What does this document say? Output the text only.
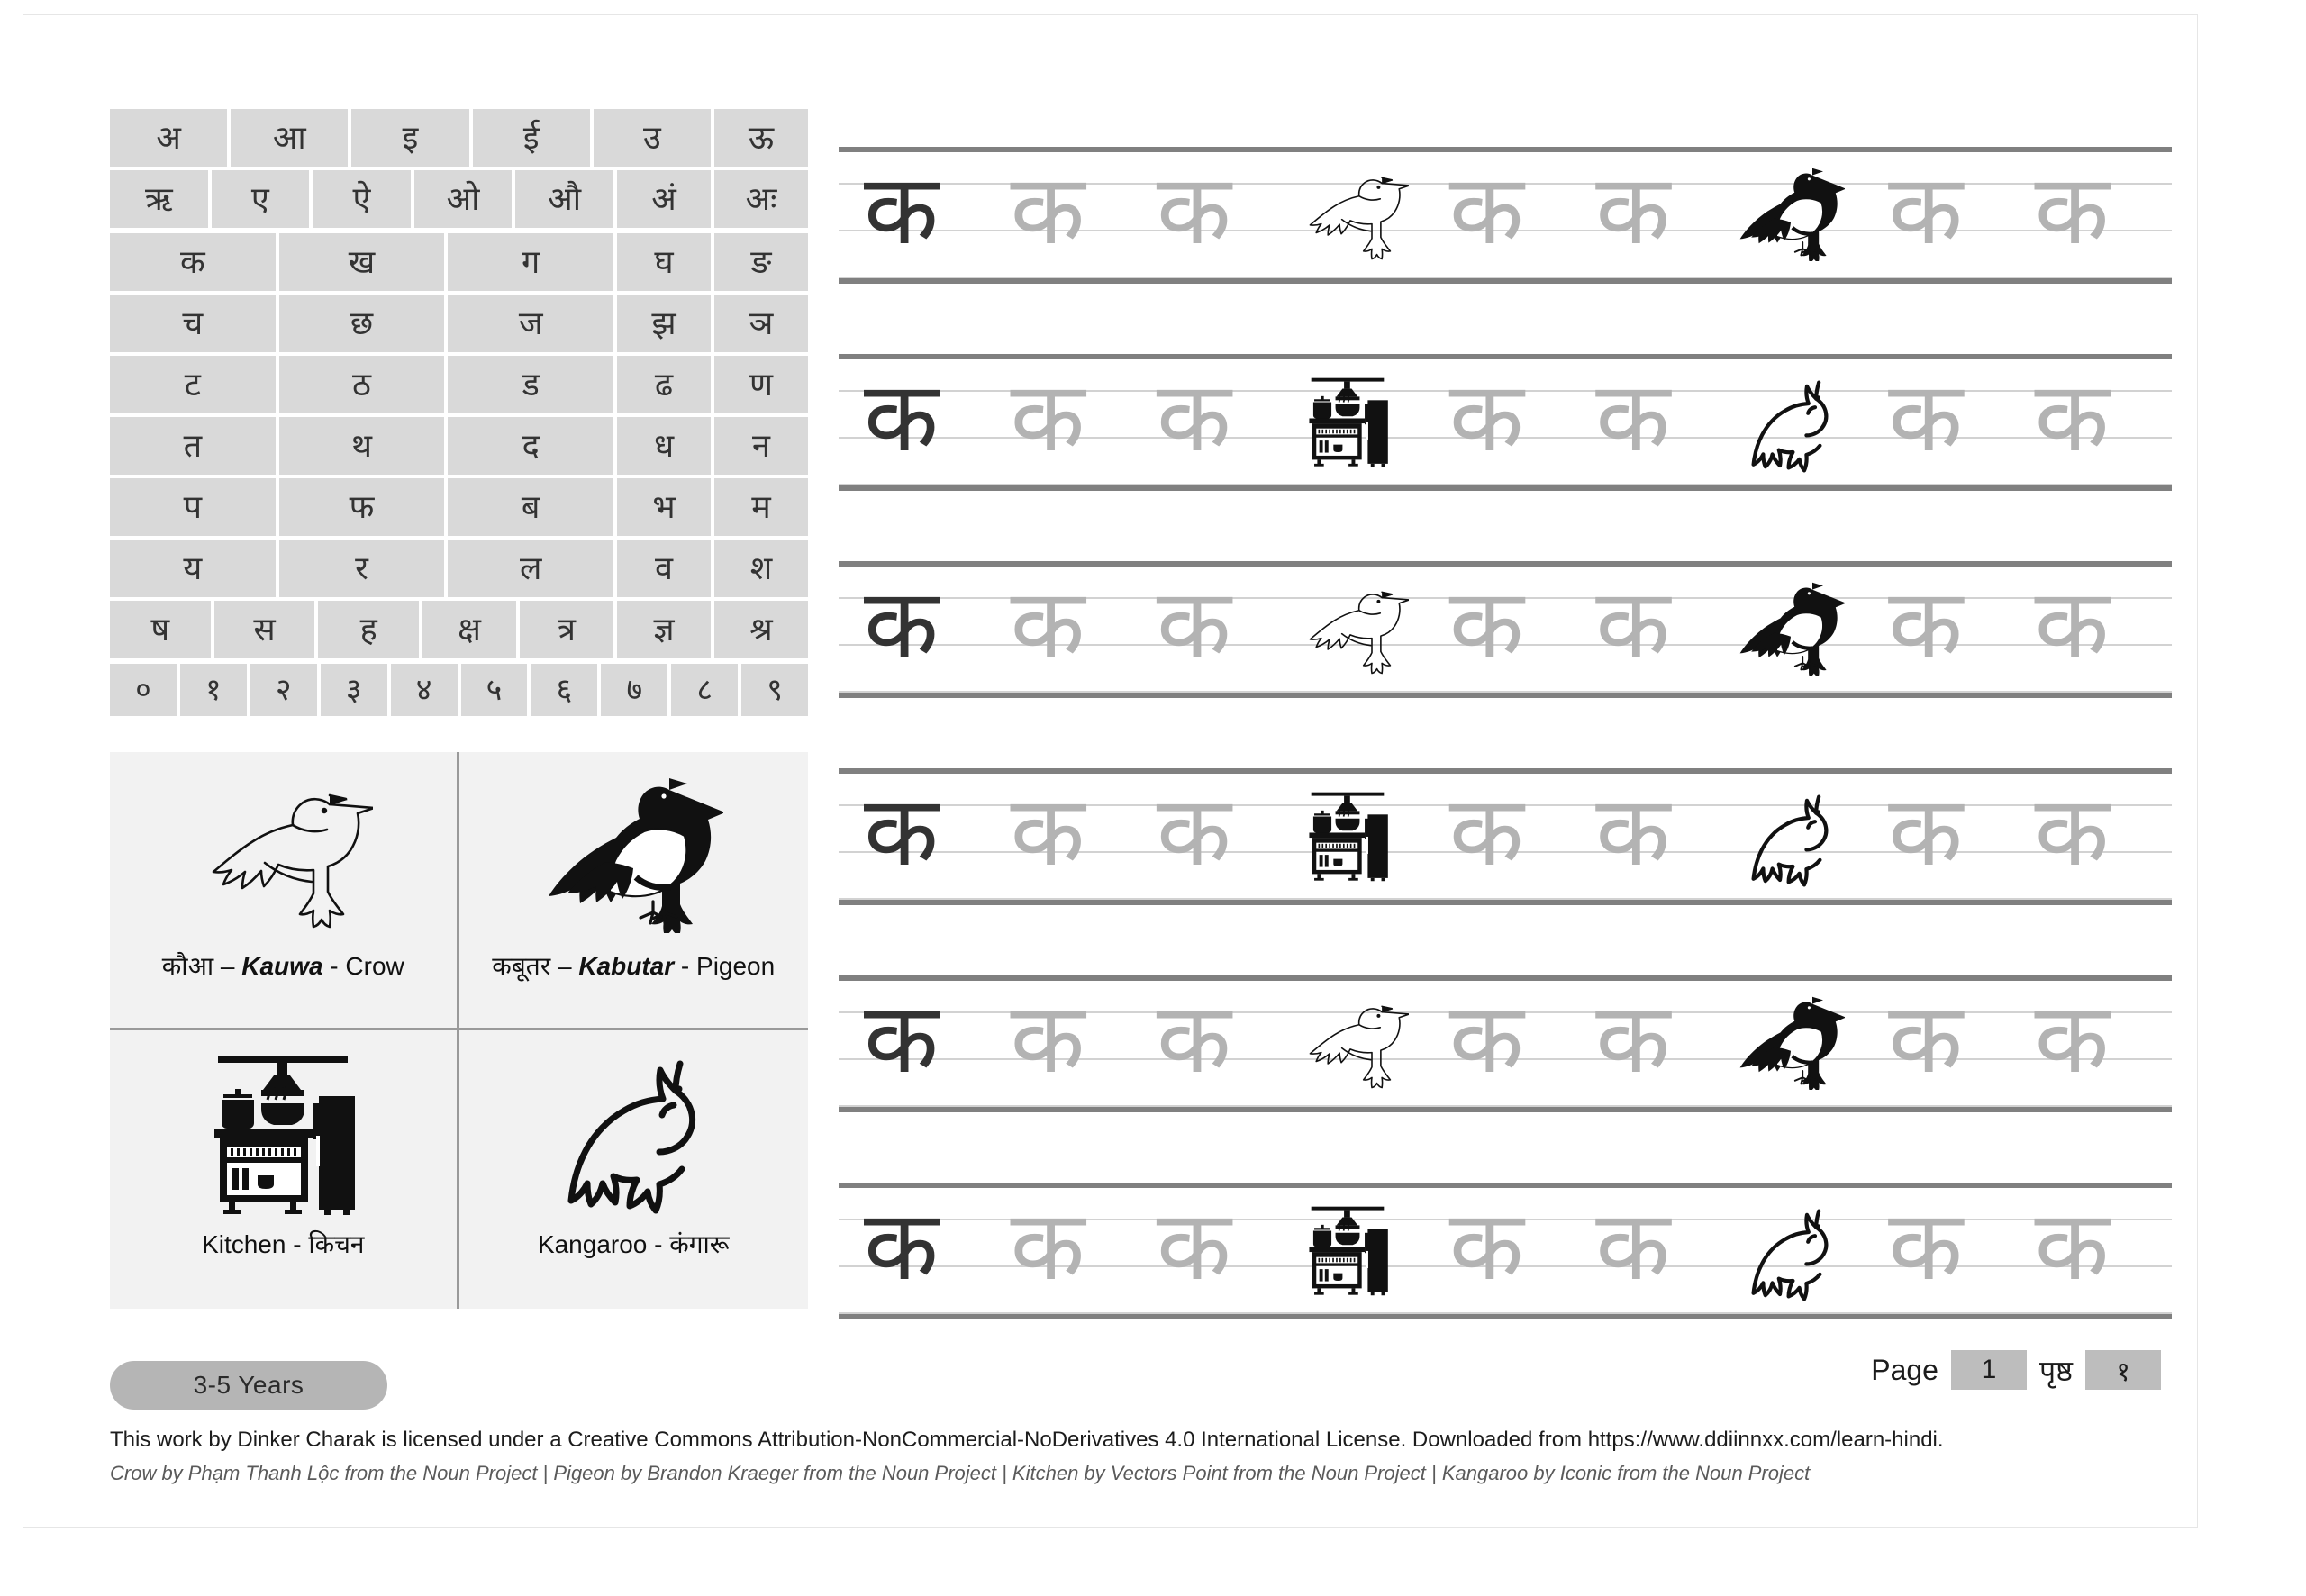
अ	आ	इ	ई	उ	ऊ
ऋ	ए	ऐ	ओ	औ	अं	अः
क	ख	ग	घ	ङ
च	छ	ज	झ	ञ
ट	ठ	ड	ढ	ण
त	थ	द	ध	न
प	फ	ब	भ	म
य	र	ल	व	श
ष	स	ह	क्ष	त्र	ज्ञ	श्र
०	१	२	३	४	५	६	७	८	९
कौआ – Kauwa - Crow	कबूतर – Kabutar - Pigeon
Kitchen - किचन	Kangaroo - कंगारू
3-5 Years
क क क क क क क
क क क क क क क
क क क क क क क
क क क क क क क
क क क क क क क
क क क क क क क
Page	1	पृष्ठ	१
This work by Dinker Charak is licensed under a Creative Commons Attribution-NonCommercial-NoDerivatives 4.0 International License. Downloaded from https://www.ddiinnxx.com/learn-hindi.
Crow by Phạm Thanh Lộc from the Noun Project | Pigeon by Brandon Kraeger from the Noun Project | Kitchen by Vectors Point from the Noun Project | Kangaroo by Iconic from the Noun Project
